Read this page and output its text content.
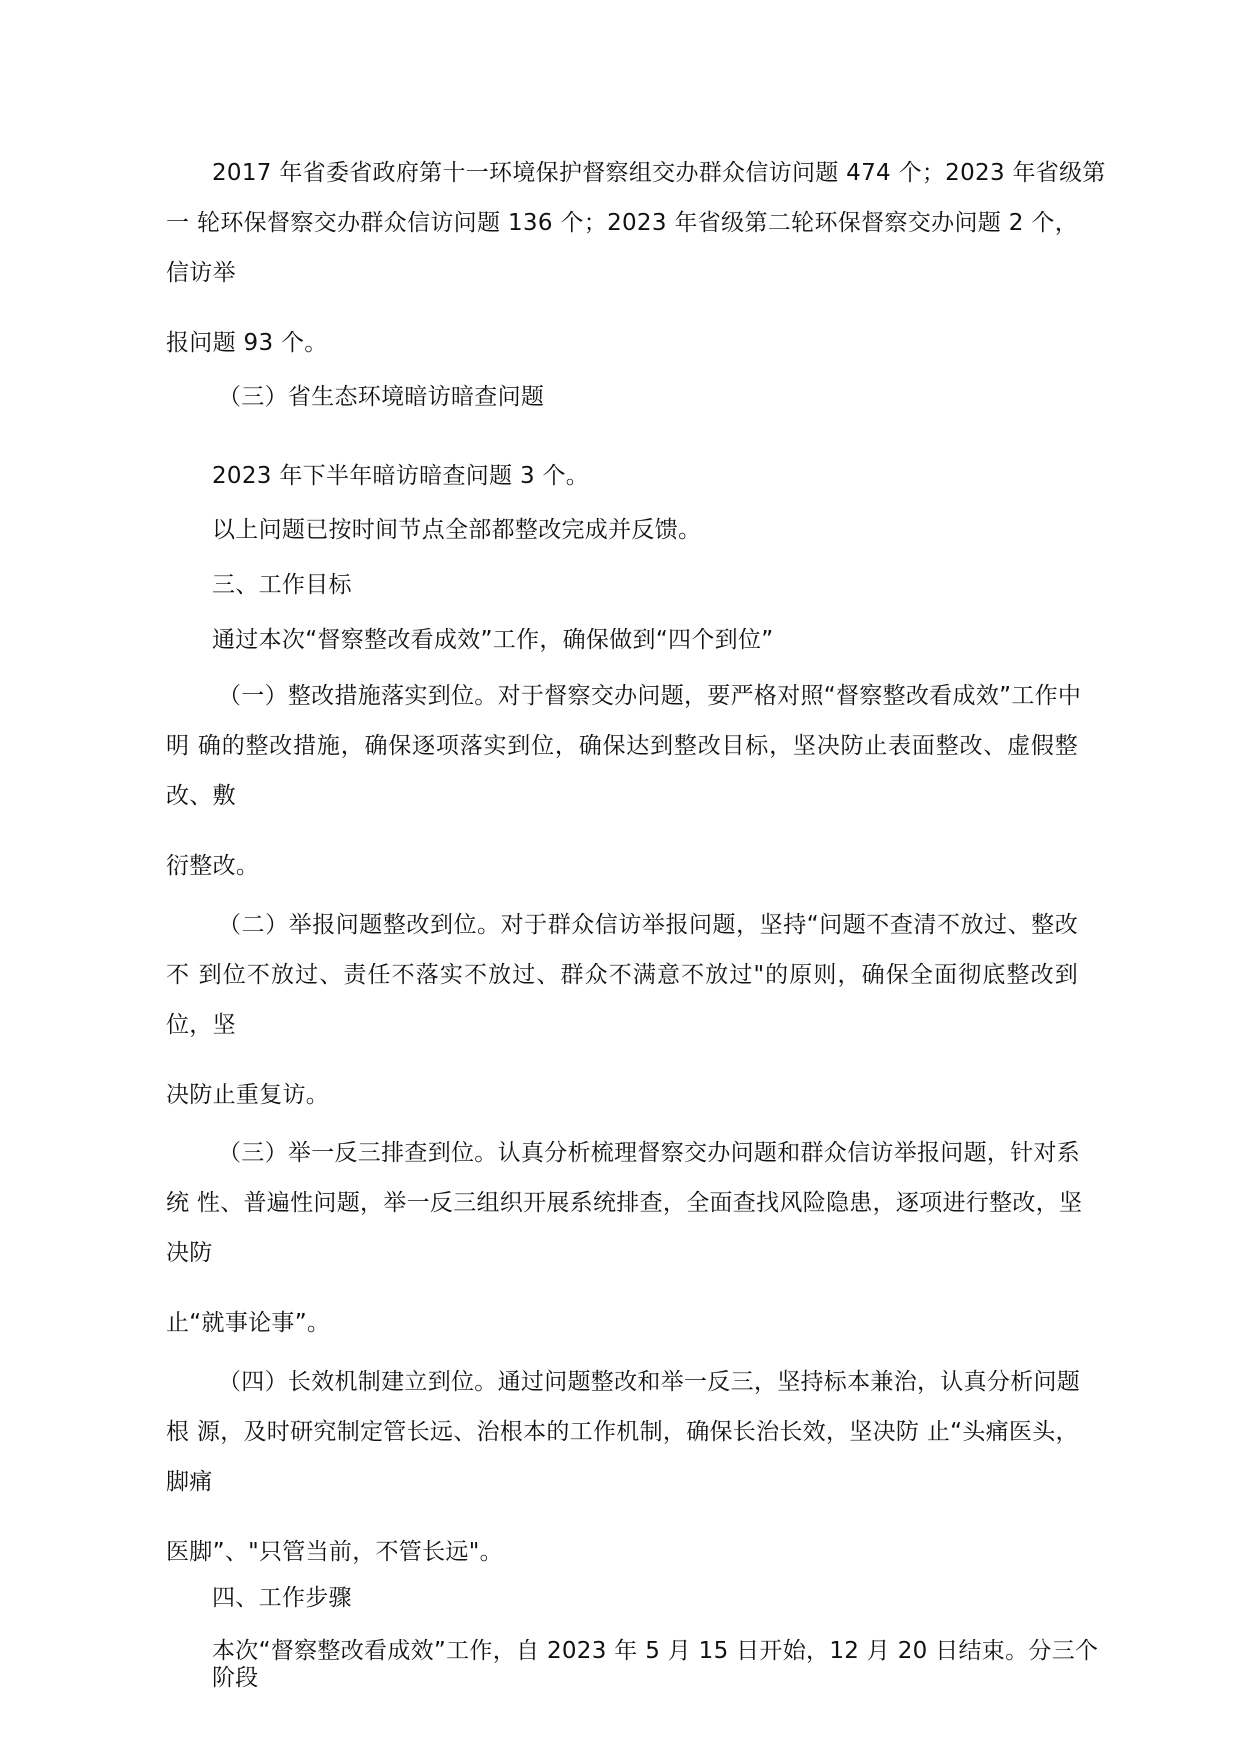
2017 年省委省政府第十一环境保护督察组交办群众信访问题 474 个；2023 年省级第

一 轮环保督察交办群众信访问题 136 个；2023 年省级第二轮环保督察交办问题 2 个，

信访举

报问题 93 个。

（三）省生态环境暗访暗查问题

2023 年下半年暗访暗查问题 3 个。

以上问题已按时间节点全部都整改完成并反馈。

三、工作目标

通过本次“督察整改看成效”工作，确保做到“四个到位”

（一）整改措施落实到位。对于督察交办问题，要严格对照“督察整改看成效”工作中

明 确的整改措施，确保逐项落实到位，确保达到整改目标，坚决防止表面整改、虚假整

改、敷

衍整改。

（二）举报问题整改到位。对于群众信访举报问题，坚持“问题不查清不放过、整改

不 到位不放过、责任不落实不放过、群众不满意不放过"的原则，确保全面彻底整改到

位，坚

决防止重复访。

（三）举一反三排查到位。认真分析梳理督察交办问题和群众信访举报问题，针对系

统 性、普遍性问题，举一反三组织开展系统排查，全面查找风险隐患，逐项进行整改，坚

决防

止“就事论事”。

（四）长效机制建立到位。通过问题整改和举一反三，坚持标本兼治，认真分析问题

根 源，及时研究制定管长远、治根本的工作机制，确保长治长效，坚决防 止“头痛医头，

脚痛

医脚”、"只管当前，不管长远"。

四、工作步骤

本次“督察整改看成效”工作，自 2023 年 5 月 15 日开始，12 月 20 日结束。分三个

阶段
